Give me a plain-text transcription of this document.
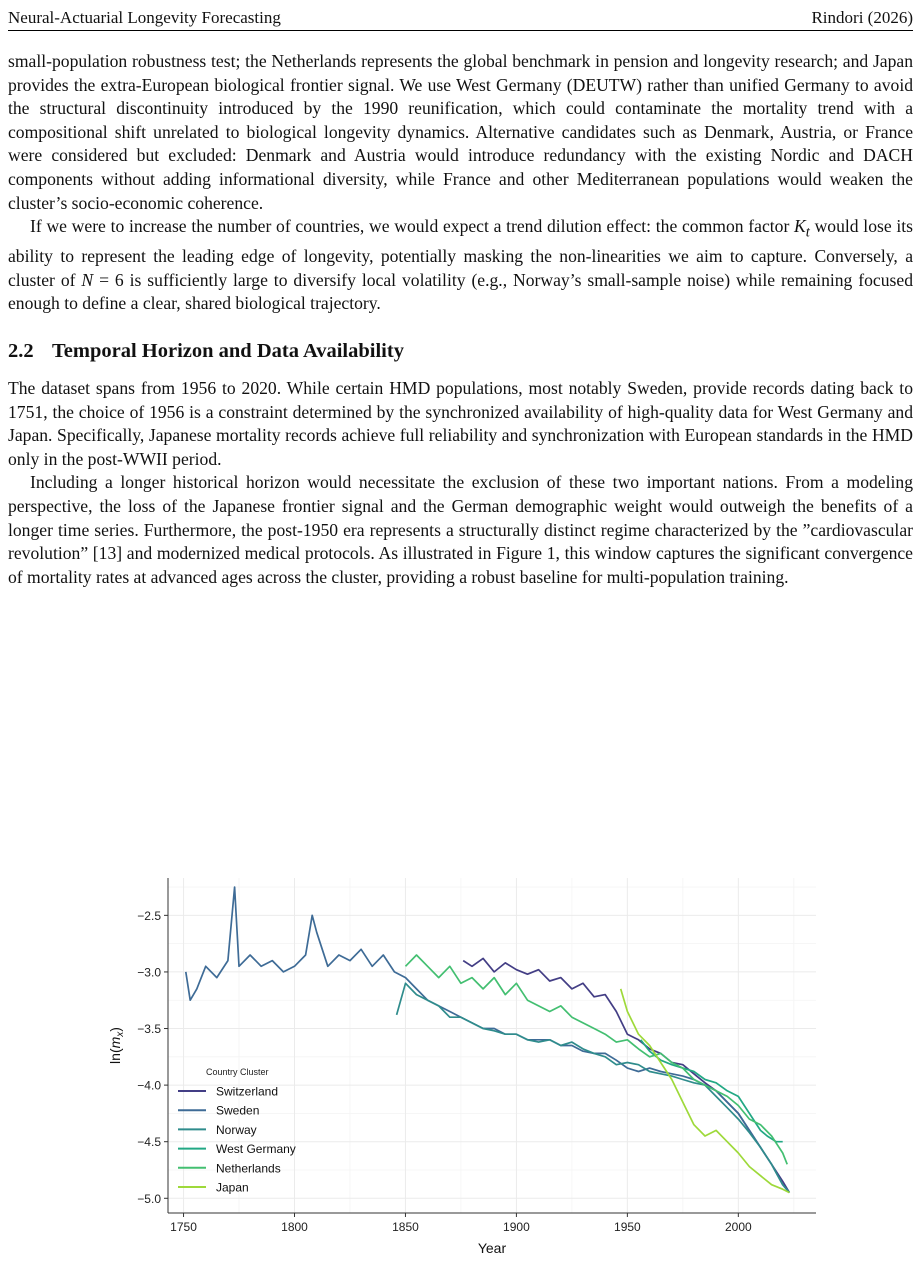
Neural-Actuarial Longevity Forecasting	Rindori (2026)

small-population robustness test; the Netherlands represents the global benchmark in pension and longevity research; and Japan provides the extra-European biological frontier signal. We use West Germany (DEUTW) rather than unified Germany to avoid the structural discontinuity introduced by the 1990 reunification, which could contaminate the mortality trend with a compositional shift unrelated to biological longevity dynamics. Alternative candidates such as Denmark, Austria, or France were considered but excluded: Denmark and Austria would introduce redundancy with the existing Nordic and DACH components without adding informational diversity, while France and other Mediterranean populations would weaken the cluster’s socio-economic coherence.

If we were to increase the number of countries, we would expect a trend dilution effect: the common factor $K_t$ would lose its ability to represent the leading edge of longevity, potentially masking the non-linearities we aim to capture. Conversely, a cluster of N = 6 is sufficiently large to diversify local volatility (e.g., Norway’s small-sample noise) while remaining focused enough to define a clear, shared biological trajectory.

2.2 Temporal Horizon and Data Availability

The dataset spans from 1956 to 2020. While certain HMD populations, most notably Sweden, provide records dating back to 1751, the choice of 1956 is a constraint determined by the synchronized availability of high-quality data for West Germany and Japan. Specifically, Japanese mortality records achieve full reliability and synchronization with European standards in the HMD only in the post-WWII period.

Including a longer historical horizon would necessitate the exclusion of these two important nations. From a modeling perspective, the loss of the Japanese frontier signal and the German demographic weight would outweigh the benefits of a longer time series. Furthermore, the post-1950 era represents a structurally distinct regime characterized by the ”cardiovascular revolution” [13] and modernized medical protocols. As illustrated in Figure 1, this window captures the significant convergence of mortality rates at advanced ages across the cluster, providing a robust baseline for multi-population training.

−2.5
−3.0
−3.5
−4.0
−4.5
−5.0
1750	1800	1850	1900	1950	2000
Year
$\ln(m_x)$
Country Cluster
Switzerland
Sweden
Norway
West Germany
Netherlands
Japan
